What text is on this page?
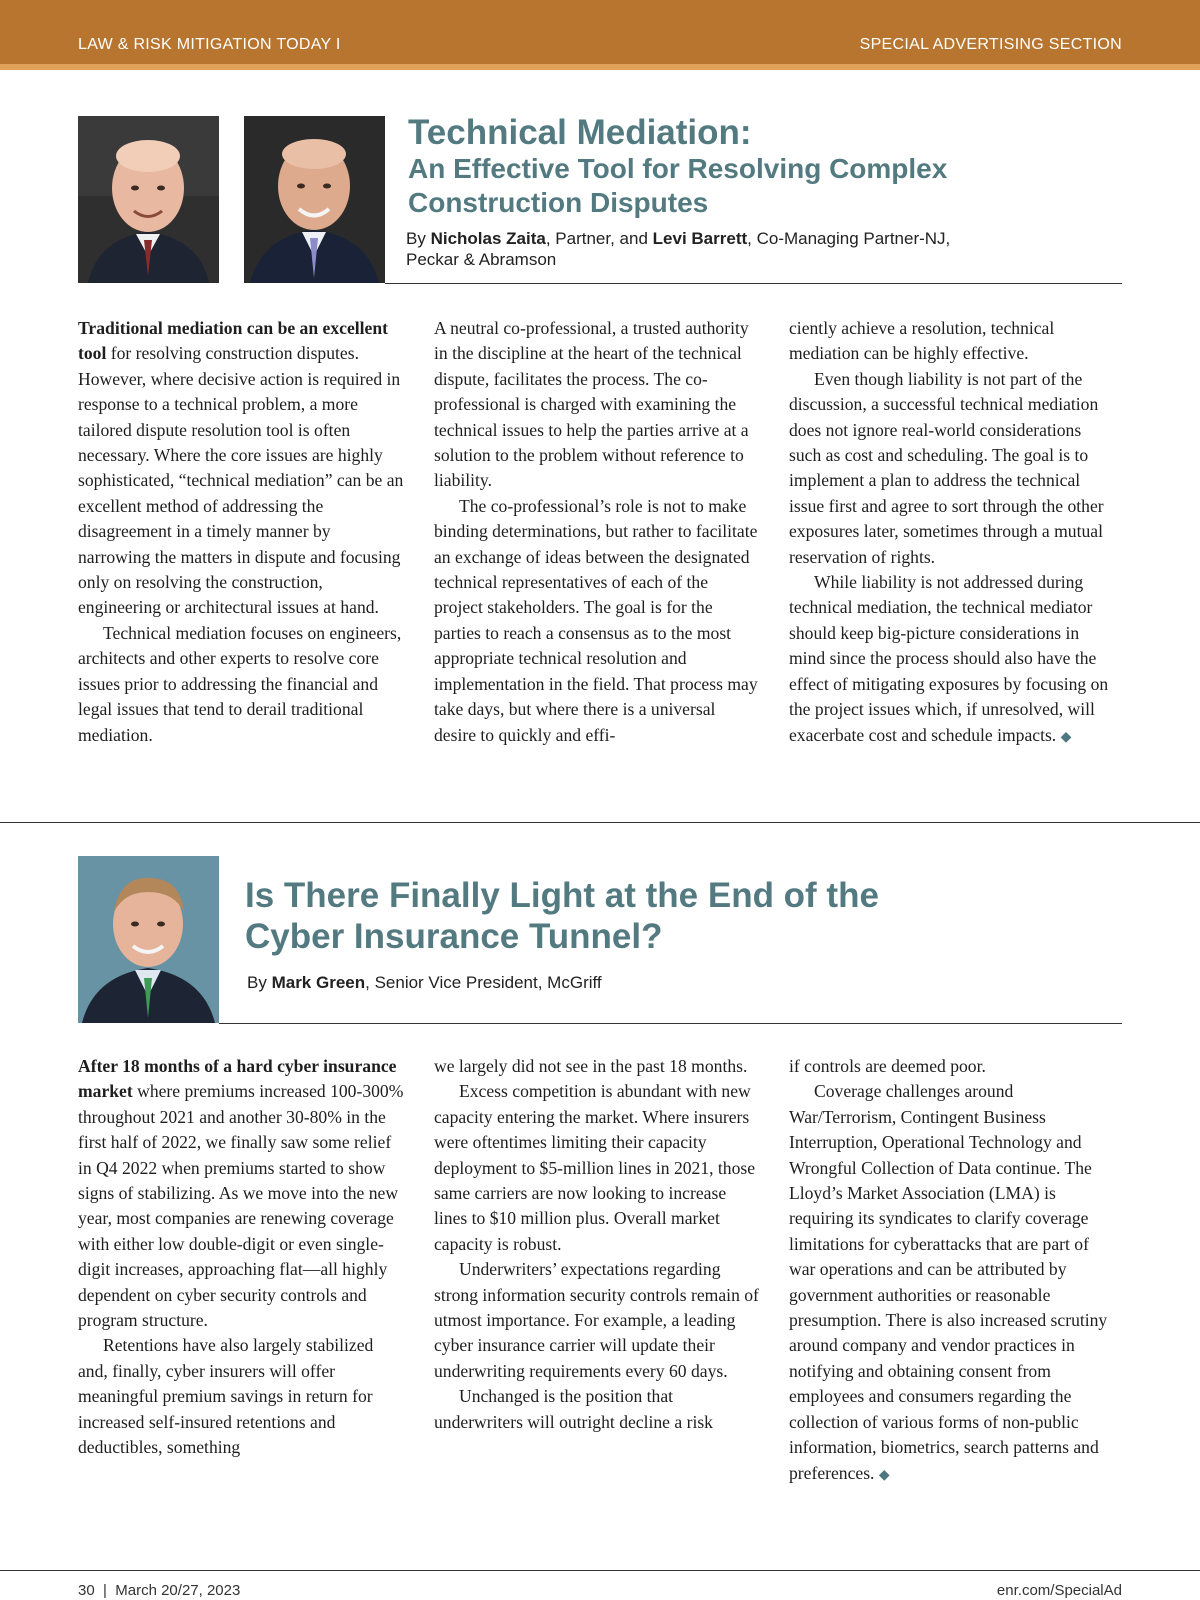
LAW & RISK MITIGATION TODAY I	SPECIAL ADVERTISING SECTION
Technical Mediation:
An Effective Tool for Resolving Complex
Construction Disputes
By Nicholas Zaita, Partner, and Levi Barrett, Co-Managing Partner-NJ,
Peckar & Abramson

Traditional mediation can be an excellent tool for resolving construction disputes. However, where decisive action is required in response to a technical problem, a more tailored dispute resolution tool is often necessary. Where the core issues are highly sophisticated, “technical mediation” can be an excellent method of addressing the disagreement in a timely manner by narrowing the matters in dispute and focusing only on resolving the construction, engineering or architectural issues at hand.

Technical mediation focuses on engineers, architects and other experts to resolve core issues prior to addressing the financial and legal issues that tend to derail traditional mediation.

A neutral co-professional, a trusted authority in the discipline at the heart of the technical dispute, facilitates the process. The co-professional is charged with examining the technical issues to help the parties arrive at a solution to the problem without reference to liability.

The co-professional’s role is not to make binding determinations, but rather to facilitate an exchange of ideas between the designated technical representatives of each of the project stakeholders. The goal is for the parties to reach a consensus as to the most appropriate technical resolution and implementation in the field. That process may take days, but where there is a universal desire to quickly and effi-

ciently achieve a resolution, technical mediation can be highly effective.

Even though liability is not part of the discussion, a successful technical mediation does not ignore real-world considerations such as cost and scheduling. The goal is to implement a plan to address the technical issue first and agree to sort through the other exposures later, sometimes through a mutual reservation of rights.

While liability is not addressed during technical mediation, the technical mediator should keep big-picture considerations in mind since the process should also have the effect of mitigating exposures by focusing on the project issues which, if unresolved, will exacerbate cost and schedule impacts. ◆

Is There Finally Light at the End of the
Cyber Insurance Tunnel?
By Mark Green, Senior Vice President, McGriff

After 18 months of a hard cyber insurance market where premiums increased 100-300% throughout 2021 and another 30-80% in the first half of 2022, we finally saw some relief in Q4 2022 when premiums started to show signs of stabilizing. As we move into the new year, most companies are renewing coverage with either low double-digit or even single-digit increases, approaching flat—all highly dependent on cyber security controls and program structure.

Retentions have also largely stabilized and, finally, cyber insurers will offer meaningful premium savings in return for increased self-insured retentions and deductibles, something

we largely did not see in the past 18 months.

Excess competition is abundant with new capacity entering the market. Where insurers were oftentimes limiting their capacity deployment to $5-million lines in 2021, those same carriers are now looking to increase lines to $10 million plus. Overall market capacity is robust.

Underwriters’ expectations regarding strong information security controls remain of utmost importance. For example, a leading cyber insurance carrier will update their underwriting requirements every 60 days.

Unchanged is the position that underwriters will outright decline a risk

if controls are deemed poor.

Coverage challenges around War/Terrorism, Contingent Business Interruption, Operational Technology and Wrongful Collection of Data continue. The Lloyd’s Market Association (LMA) is requiring its syndicates to clarify coverage limitations for cyberattacks that are part of war operations and can be attributed by government authorities or reasonable presumption. There is also increased scrutiny around company and vendor practices in notifying and obtaining consent from employees and consumers regarding the collection of various forms of non-public information, biometrics, search patterns and preferences. ◆

30  |  March 20/27, 2023	enr.com/SpecialAd
